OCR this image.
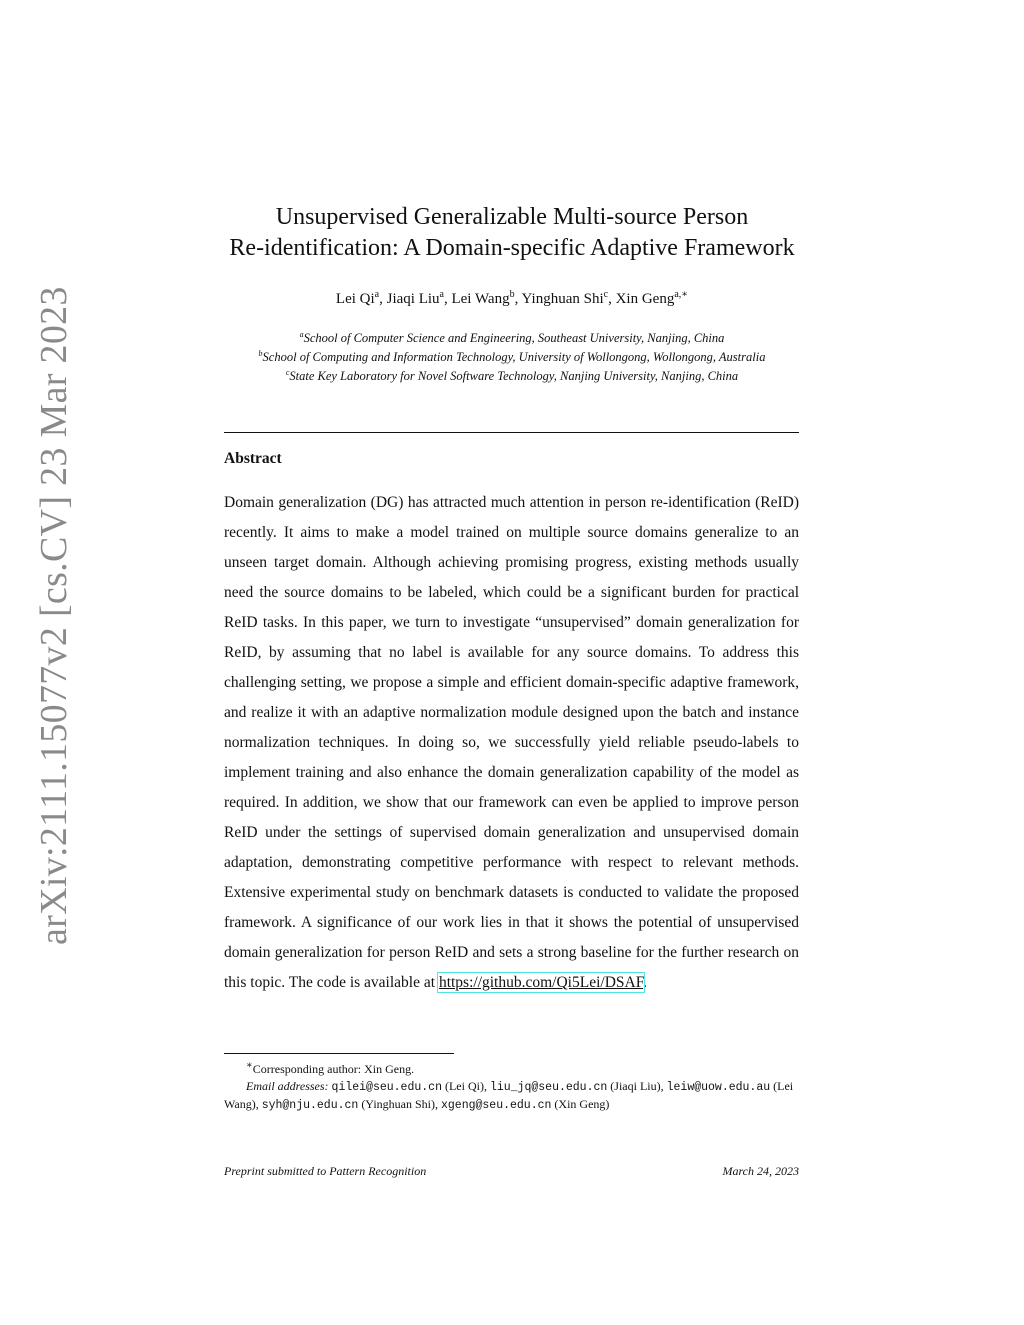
arXiv:2111.15077v2 [cs.CV] 23 Mar 2023
Unsupervised Generalizable Multi-source Person
Re-identification: A Domain-specific Adaptive Framework
Lei Qi$^a$, Jiaqi Liu$^a$, Lei Wang$^b$, Yinghuan Shi$^c$, Xin Geng$^{a,∗}$
$^a$School of Computer Science and Engineering, Southeast University, Nanjing, China
$^b$School of Computing and Information Technology, University of Wollongong, Wollongong, Australia
$^c$State Key Laboratory for Novel Software Technology, Nanjing University, Nanjing, China
Abstract
Domain generalization (DG) has attracted much attention in person re-identification (ReID) recently. It aims to make a model trained on multiple source domains generalize to an unseen target domain. Although achieving promising progress, existing methods usually need the source domains to be labeled, which could be a significant burden for practical ReID tasks. In this paper, we turn to investigate “unsupervised” domain generalization for ReID, by assuming that no label is available for any source domains. To address this challenging setting, we propose a simple and efficient domain-specific adaptive framework, and realize it with an adaptive normalization module designed upon the batch and instance normalization techniques. In doing so, we successfully yield reliable pseudo-labels to implement training and also enhance the domain generalization capability of the model as required. In addition, we show that our framework can even be applied to improve person ReID under the settings of supervised domain generalization and unsupervised domain adaptation, demonstrating competitive performance with respect to relevant methods. Extensive experimental study on benchmark datasets is conducted to validate the proposed framework. A significance of our work lies in that it shows the potential of unsupervised domain generalization for person ReID and sets a strong baseline for the further research on this topic. The code is available at https://github.com/Qi5Lei/DSAF.
∗Corresponding author: Xin Geng.
Email addresses: qilei@seu.edu.cn (Lei Qi), liu_jq@seu.edu.cn (Jiaqi Liu), leiw@uow.edu.au (Lei Wang), syh@nju.edu.cn (Yinghuan Shi), xgeng@seu.edu.cn (Xin Geng)
Preprint submitted to Pattern Recognition	March 24, 2023
